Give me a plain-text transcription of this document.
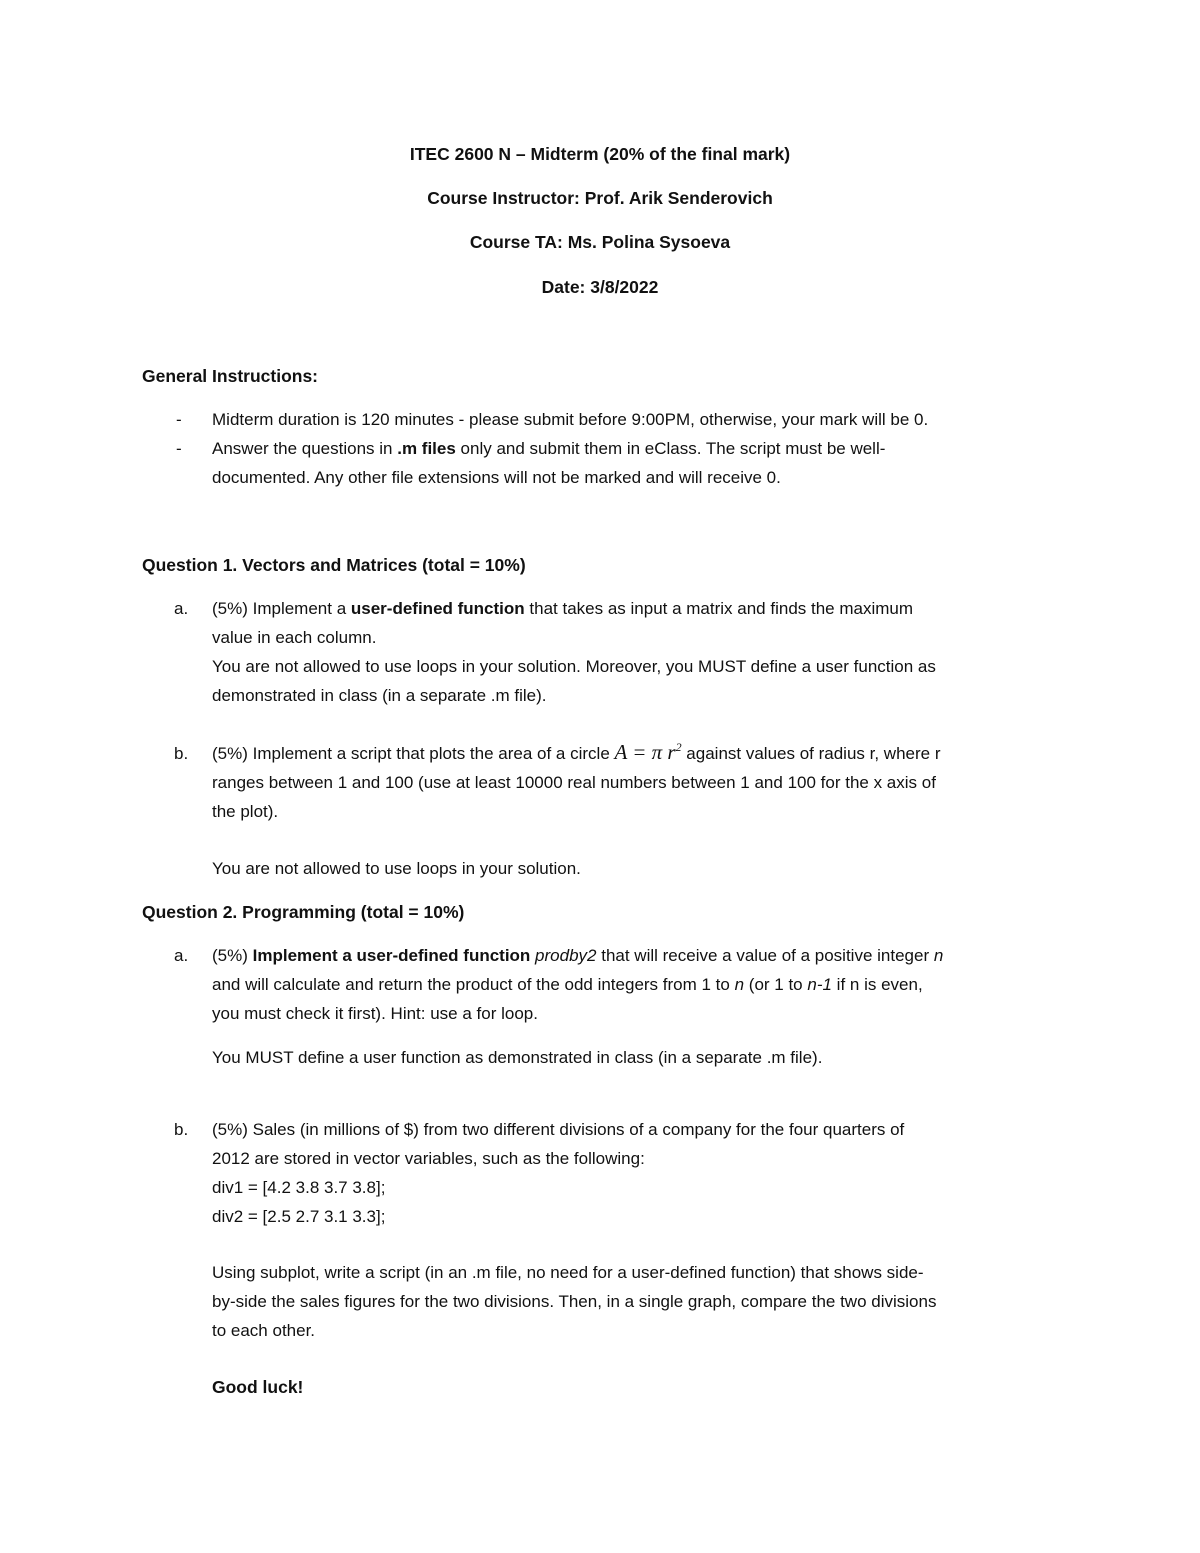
ITEC 2600 N – Midterm (20% of the final mark)
Course Instructor: Prof. Arik Senderovich
Course TA: Ms. Polina Sysoeva
Date: 3/8/2022
General Instructions:
- Midterm duration is 120 minutes - please submit before 9:00PM, otherwise, your mark will be 0.
- Answer the questions in .m files only and submit them in eClass. The script must be well-
documented. Any other file extensions will not be marked and will receive 0.
Question 1. Vectors and Matrices (total = 10%)
a. (5%) Implement a user-defined function that takes as input a matrix and finds the maximum
value in each column.
You are not allowed to use loops in your solution. Moreover, you MUST define a user function as
demonstrated in class (in a separate .m file).
b. (5%) Implement a script that plots the area of a circle A = π $r^2$ against values of radius r, where r
ranges between 1 and 100 (use at least 10000 real numbers between 1 and 100 for the x axis of
the plot).
You are not allowed to use loops in your solution.
Question 2. Programming (total = 10%)
a. (5%) Implement a user-defined function prodby2 that will receive a value of a positive integer n
and will calculate and return the product of the odd integers from 1 to n (or 1 to n-1 if n is even,
you must check it first). Hint: use a for loop.
You MUST define a user function as demonstrated in class (in a separate .m file).
b. (5%) Sales (in millions of $) from two different divisions of a company for the four quarters of
2012 are stored in vector variables, such as the following:
div1 = [4.2 3.8 3.7 3.8];
div2 = [2.5 2.7 3.1 3.3];
Using subplot, write a script (in an .m file, no need for a user-defined function) that shows side-
by-side the sales figures for the two divisions. Then, in a single graph, compare the two divisions
to each other.
Good luck!
